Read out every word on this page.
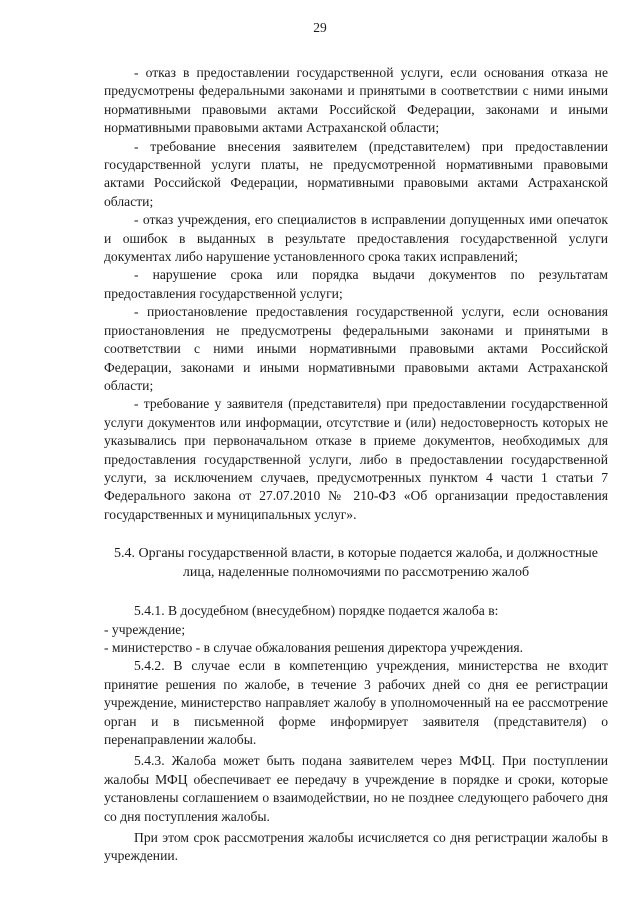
29

- отказ в предоставлении государственной услуги, если основания отказа не предусмотрены федеральными законами и принятыми в соответствии с ними иными нормативными правовыми актами Российской Федерации, законами и иными нормативными правовыми актами Астраханской области;

- требование внесения заявителем (представителем) при предоставлении государственной услуги платы, не предусмотренной нормативными правовыми актами Российской Федерации, нормативными правовыми актами Астраханской области;

- отказ учреждения, его специалистов в исправлении допущенных ими опечаток и ошибок в выданных в результате предоставления государственной услуги документах либо нарушение установленного срока таких исправлений;

- нарушение срока или порядка выдачи документов по результатам предоставления государственной услуги;

- приостановление предоставления государственной услуги, если основания приостановления не предусмотрены федеральными законами и принятыми в соответствии с ними иными нормативными правовыми актами Российской Федерации, законами и иными нормативными правовыми актами Астраханской области;

- требование у заявителя (представителя) при предоставлении государственной услуги документов или информации, отсутствие и (или) недостоверность которых не указывались при первоначальном отказе в приеме документов, необходимых для предоставления государственной услуги, либо в предоставлении государственной услуги, за исключением случаев, предусмотренных пунктом 4 части 1 статьи 7 Федерального закона от 27.07.2010 № 210-ФЗ «Об организации предоставления государственных и муниципальных услуг».

5.4. Органы государственной власти, в которые подается жалоба, и должностные лица, наделенные полномочиями по рассмотрению жалоб

5.4.1. В досудебном (внесудебном) порядке подается жалоба в:

- учреждение;

- министерство - в случае обжалования решения директора учреждения.

5.4.2. В случае если в компетенцию учреждения, министерства не входит принятие решения по жалобе, в течение 3 рабочих дней со дня ее регистрации учреждение, министерство направляет жалобу в уполномоченный на ее рассмотрение орган и в письменной форме информирует заявителя (представителя) о перенаправлении жалобы.

5.4.3. Жалоба может быть подана заявителем через МФЦ. При поступлении жалобы МФЦ обеспечивает ее передачу в учреждение в порядке и сроки, которые установлены соглашением о взаимодействии, но не позднее следующего рабочего дня со дня поступления жалобы.

При этом срок рассмотрения жалобы исчисляется со дня регистрации жалобы в учреждении.
